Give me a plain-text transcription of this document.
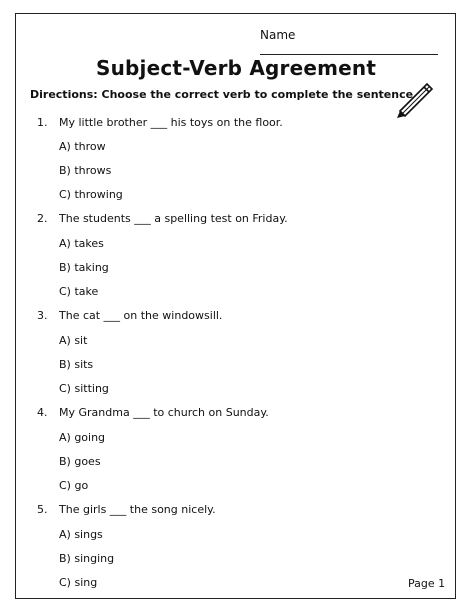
Name
Subject-Verb Agreement
Directions: Choose the correct verb to complete the sentence
1. My little brother ___ his toys on the floor.
A) throw
B) throws
C) throwing
2. The students ___ a spelling test on Friday.
A) takes
B) taking
C) take
3. The cat ___ on the windowsill.
A) sit
B) sits
C) sitting
4. My Grandma ___ to church on Sunday.
A) going
B) goes
C) go
5. The girls ___ the song nicely.
A) sings
B) singing
C) sing	Page 1
